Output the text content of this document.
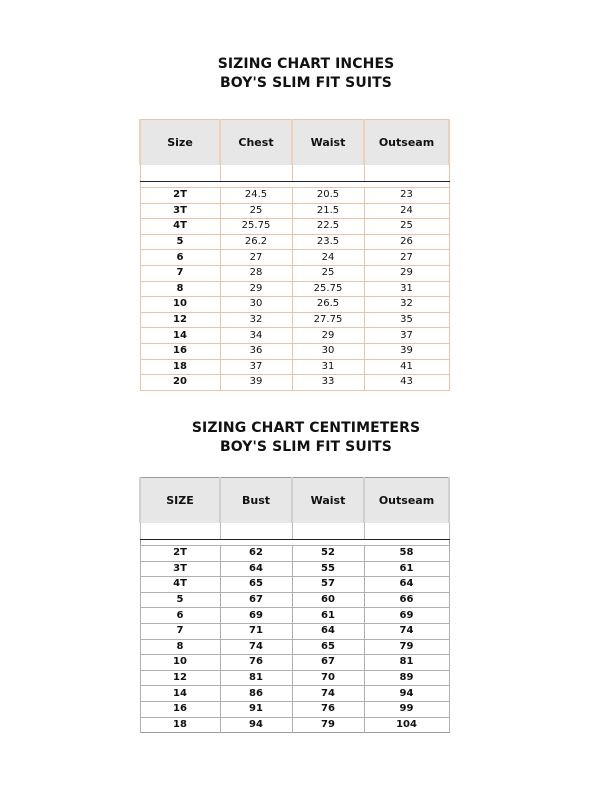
SIZING CHART INCHES
BOY'S SLIM FIT SUITS
Size	Chest	Waist	Outseam

2T	24.5	20.5	23
3T	25	21.5	24
4T	25.75	22.5	25
5	26.2	23.5	26
6	27	24	27
7	28	25	29
8	29	25.75	31
10	30	26.5	32
12	32	27.75	35
14	34	29	37
16	36	30	39
18	37	31	41
20	39	33	43
SIZING CHART CENTIMETERS
BOY'S SLIM FIT SUITS
SIZE	Bust	Waist	Outseam

2T	62	52	58
3T	64	55	61
4T	65	57	64
5	67	60	66
6	69	61	69
7	71	64	74
8	74	65	79
10	76	67	81
12	81	70	89
14	86	74	94
16	91	76	99
18	94	79	104
